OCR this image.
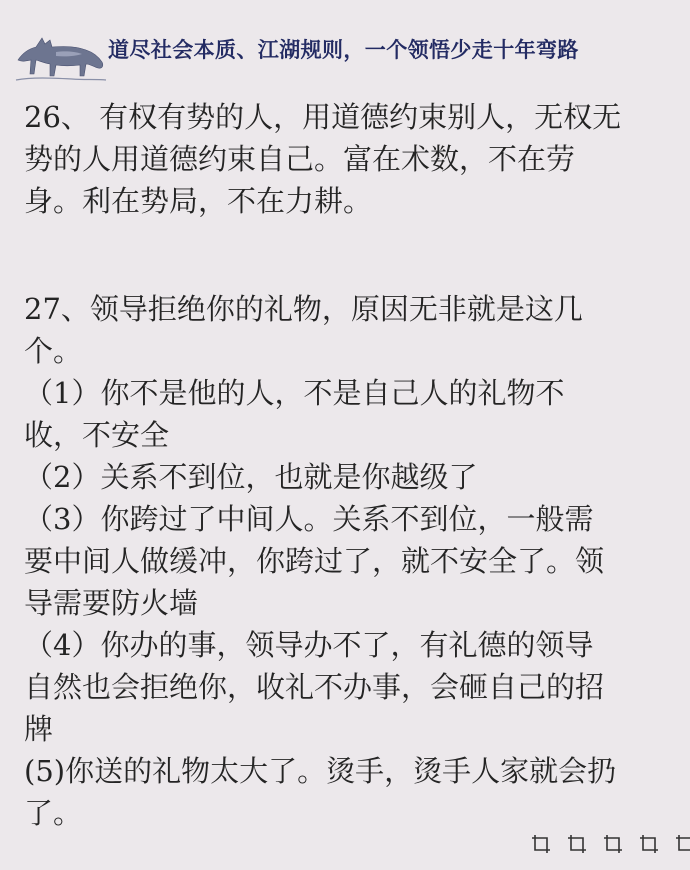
道尽社会本质、江湖规则，一个领悟少走十年弯路
26、 有权有势的人，用道德约束别人，无权无
势的人用道德约束自己。富在术数，不在劳
身。利在势局，不在力耕。
27、领导拒绝你的礼物，原因无非就是这几
个。
（1）你不是他的人，不是自己人的礼物不
收，不安全
（2）关系不到位，也就是你越级了
（3）你跨过了中间人。关系不到位，一般需
要中间人做缓冲，你跨过了，就不安全了。领
导需要防火墙
（4）你办的事，领导办不了，有礼德的领导
自然也会拒绝你，收礼不办事，会砸自己的招
牌
(5)你送的礼物太大了。烫手，烫手人家就会扔
了。
